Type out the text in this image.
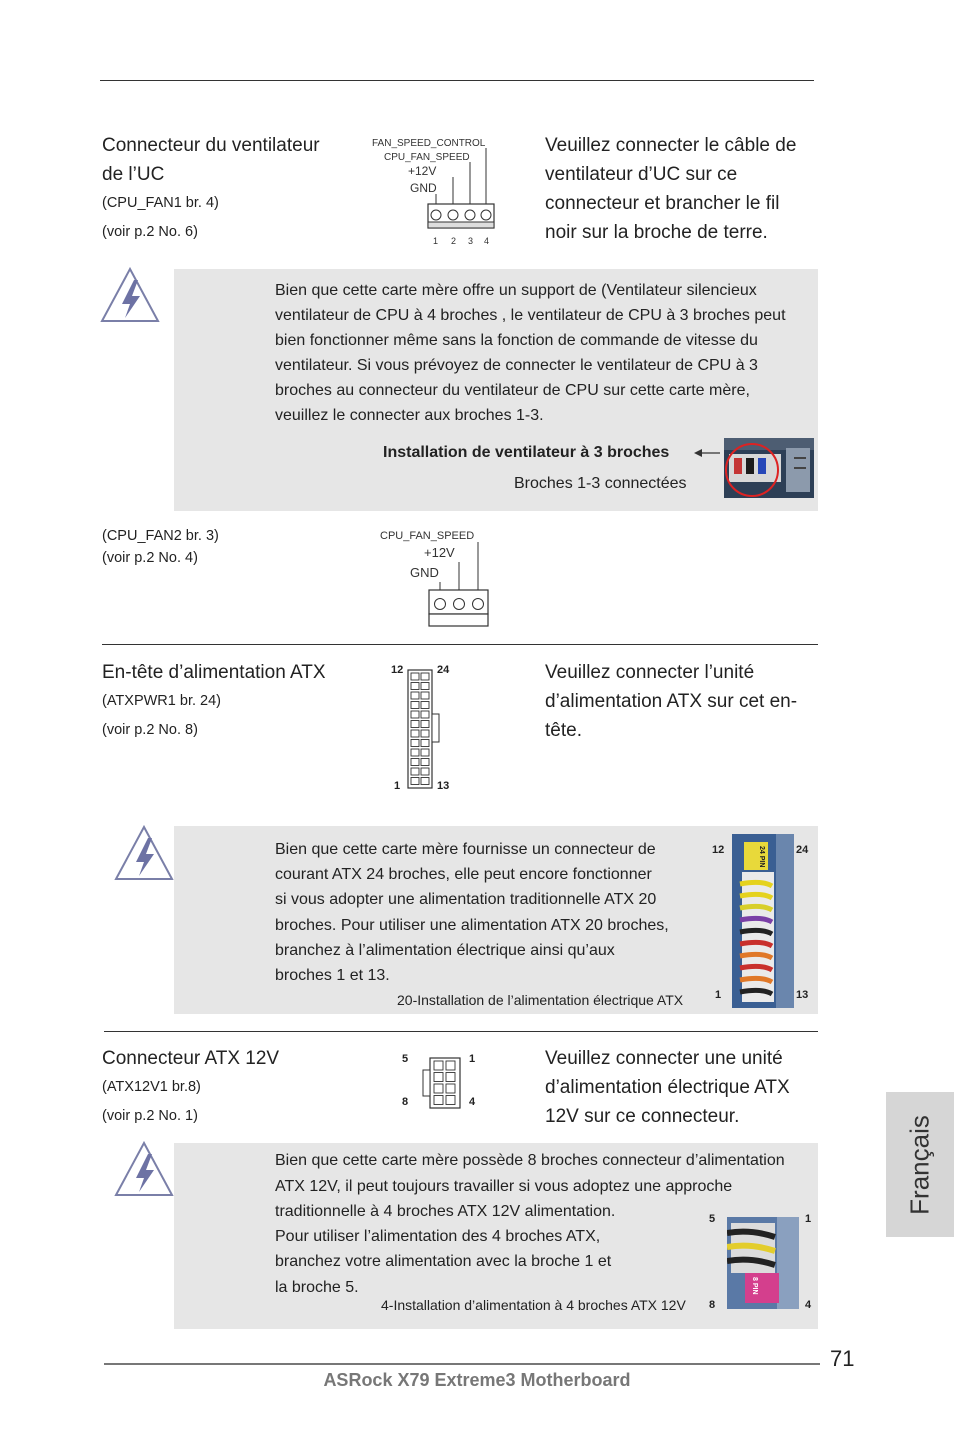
Connecteur du ventilateur
de l’UC
(CPU_FAN1 br. 4)
(voir p.2 No. 6)
FAN_SPEED_CONTROL
CPU_FAN_SPEED
+12V
GND
1 2 3 4
Veuillez connecter le câble de
ventilateur d’UC sur ce
connecteur et brancher le fil
noir sur la broche de terre.
Bien que cette carte mère offre un support de (Ventilateur silencieux
ventilateur de CPU à 4 broches , le ventilateur de CPU à 3 broches peut
bien fonctionner même sans la fonction de commande de vitesse du
ventilateur. Si vous prévoyez de connecter le ventilateur de CPU à 3
broches au connecteur du ventilateur de CPU sur cette carte mère,
veuillez le connecter aux broches 1-3.
Installation de ventilateur à 3 broches
Broches 1-3 connectées
(CPU_FAN2 br. 3)
(voir p.2 No. 4)
CPU_FAN_SPEED
+12V
GND
En-tête d’alimentation ATX
(ATXPWR1 br. 24)
(voir p.2 No. 8)
12	24
1	13
Veuillez connecter l’unité
d’alimentation ATX sur cet en-
tête.
Bien que cette carte mère fournisse un connecteur de
courant ATX 24 broches, elle peut encore fonctionner
si vous adopter une alimentation traditionnelle ATX 20
broches. Pour utiliser une alimentation ATX 20 broches,
branchez à l’alimentation électrique ainsi qu’aux
broches 1 et 13.
20-Installation de l’alimentation électrique ATX
12	24
1	13
24 PIN
Connecteur ATX 12V
(ATX12V1 br.8)
(voir p.2 No. 1)
5	1
8	4
Veuillez connecter une unité
d’alimentation électrique ATX
12V sur ce connecteur.
Bien que cette carte mère possède 8 broches connecteur d’alimentation
ATX 12V, il peut toujours travailler si vous adoptez une approche
traditionnelle à 4 broches ATX 12V alimentation.
Pour utiliser l’alimentation des 4 broches ATX,
branchez votre alimentation avec la broche 1 et
la broche 5.
4-Installation d’alimentation à 4 broches ATX 12V
5	1
8	4
8 PIN
Français
71
ASRock X79 Extreme3 Motherboard
